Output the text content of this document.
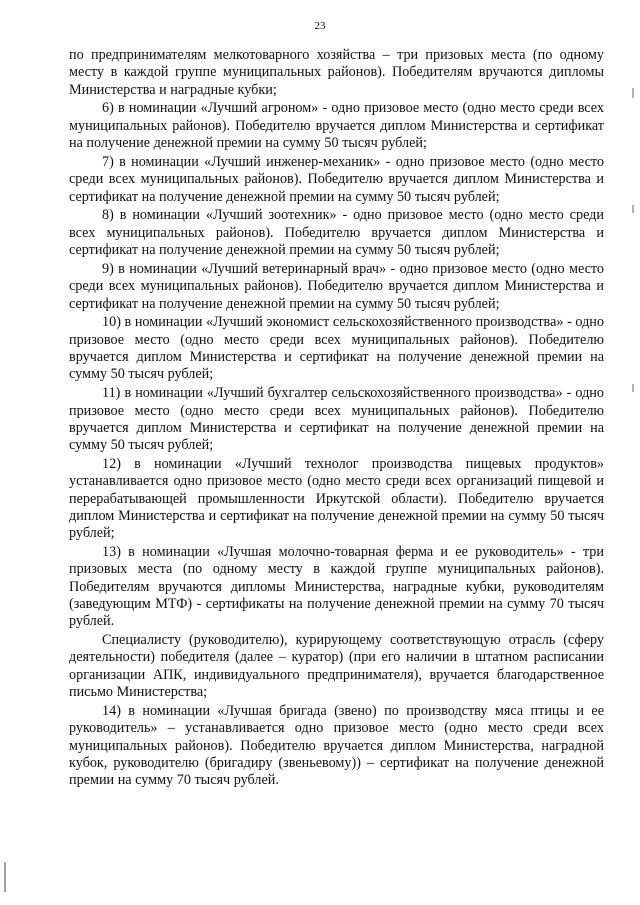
23

по предпринимателям мелкотоварного хозяйства – три призовых места (по одному месту в каждой группе муниципальных районов). Победителям вручаются дипломы Министерства и наградные кубки;

6) в номинации «Лучший агроном» - одно призовое место (одно место среди всех муниципальных районов). Победителю вручается диплом Министерства и сертификат на получение денежной премии на сумму 50 тысяч рублей;

7) в номинации «Лучший инженер-механик» - одно призовое место (одно место среди всех муниципальных районов). Победителю вручается диплом Министерства и сертификат на получение денежной премии на сумму 50 тысяч рублей;

8) в номинации «Лучший зоотехник» - одно призовое место (одно место среди всех муниципальных районов). Победителю вручается диплом Министерства и сертификат на получение денежной премии на сумму 50 тысяч рублей;

9) в номинации «Лучший ветеринарный врач» - одно призовое место (одно место среди всех муниципальных районов). Победителю вручается диплом Министерства и сертификат на получение денежной премии на сумму 50 тысяч рублей;

10) в номинации «Лучший экономист сельскохозяйственного производства» - одно призовое место (одно место среди всех муниципальных районов). Победителю вручается диплом Министерства и сертификат на получение денежной премии на сумму 50 тысяч рублей;

11) в номинации «Лучший бухгалтер сельскохозяйственного производства» - одно призовое место (одно место среди всех муниципальных районов). Победителю вручается диплом Министерства и сертификат на получение денежной премии на сумму 50 тысяч рублей;

12) в номинации «Лучший технолог производства пищевых продуктов» устанавливается одно призовое место (одно место среди всех организаций пищевой и перерабатывающей промышленности Иркутской области). Победителю вручается диплом Министерства и сертификат на получение денежной премии на сумму 50 тысяч рублей;

13) в номинации «Лучшая молочно-товарная ферма и ее руководитель» - три призовых места (по одному месту в каждой группе муниципальных районов). Победителям вручаются дипломы Министерства, наградные кубки, руководителям (заведующим МТФ) - сертификаты на получение денежной премии на сумму 70 тысяч рублей.

Специалисту (руководителю), курирующему соответствующую отрасль (сферу деятельности) победителя (далее – куратор) (при его наличии в штатном расписании организации АПК, индивидуального предпринимателя), вручается благодарственное письмо Министерства;

14) в номинации «Лучшая бригада (звено) по производству мяса птицы и ее руководитель» – устанавливается одно призовое место (одно место среди всех муниципальных районов). Победителю вручается диплом Министерства, наградной кубок, руководителю (бригадиру (звеньевому)) – сертификат на получение денежной премии на сумму 70 тысяч рублей.
